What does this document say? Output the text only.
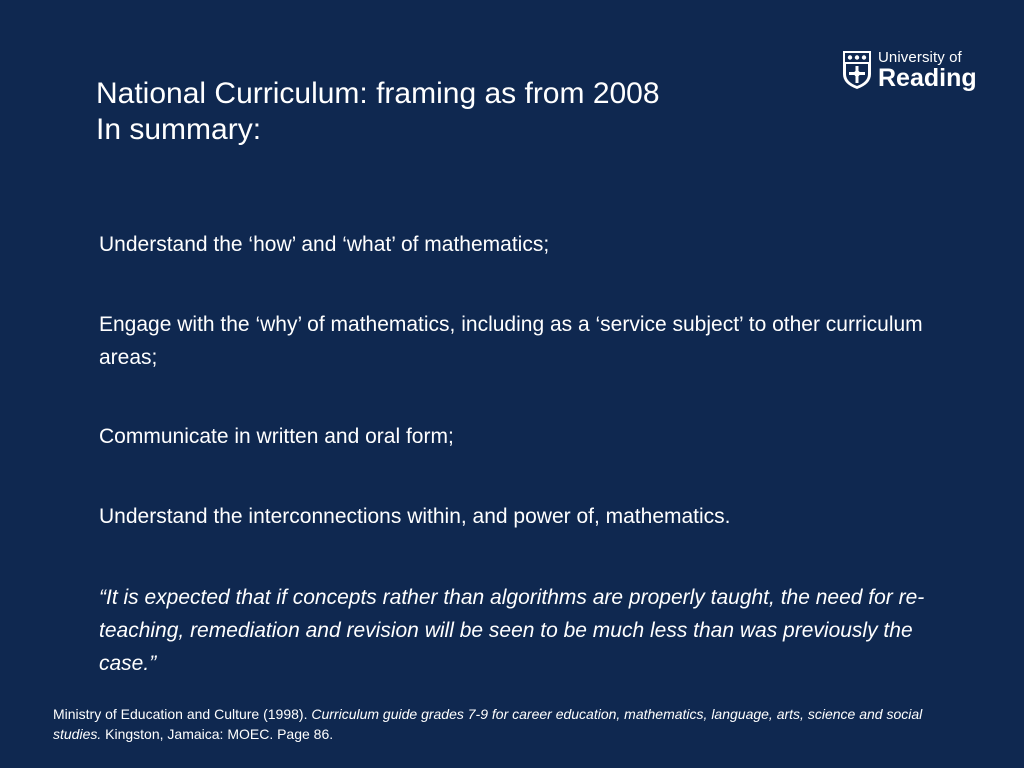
University of
Reading
National Curriculum: framing as from 2008
In summary:
Understand the ‘how’ and ‘what’ of mathematics;
Engage with the ‘why’ of mathematics, including as a ‘service subject’ to other curriculum areas;
Communicate in written and oral form;
Understand the interconnections within, and power of, mathematics.

“It is expected that if concepts rather than algorithms are properly taught, the need for re-teaching, remediation and revision will be seen to be much less than was previously the case.”

Ministry of Education and Culture (1998). Curriculum guide grades 7-9 for career education, mathematics, language, arts, science and social studies. Kingston, Jamaica: MOEC. Page 86.
